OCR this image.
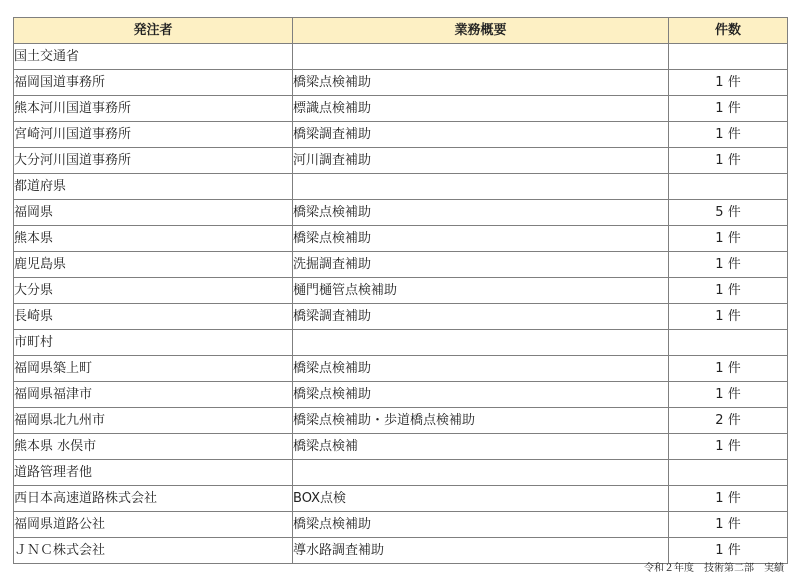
発注者	業務概要	件数
国土交通省		
福岡国道事務所	橋梁点検補助	1 件
熊本河川国道事務所	標識点検補助	1 件
宮崎河川国道事務所	橋梁調査補助	1 件
大分河川国道事務所	河川調査補助	1 件
都道府県		
福岡県	橋梁点検補助	5 件
熊本県	橋梁点検補助	1 件
鹿児島県	洗掘調査補助	1 件
大分県	樋門樋管点検補助	1 件
長崎県	橋梁調査補助	1 件
市町村		
福岡県築上町	橋梁点検補助	1 件
福岡県福津市	橋梁点検補助	1 件
福岡県北九州市	橋梁点検補助・歩道橋点検補助	2 件
熊本県 水俣市	橋梁点検補	1 件
道路管理者他		
西日本高速道路株式会社	BOX点検	1 件
福岡県道路公社	橋梁点検補助	1 件
ＪＮＣ株式会社	導水路調査補助	1 件
令和２年度　技術第二部　実績
